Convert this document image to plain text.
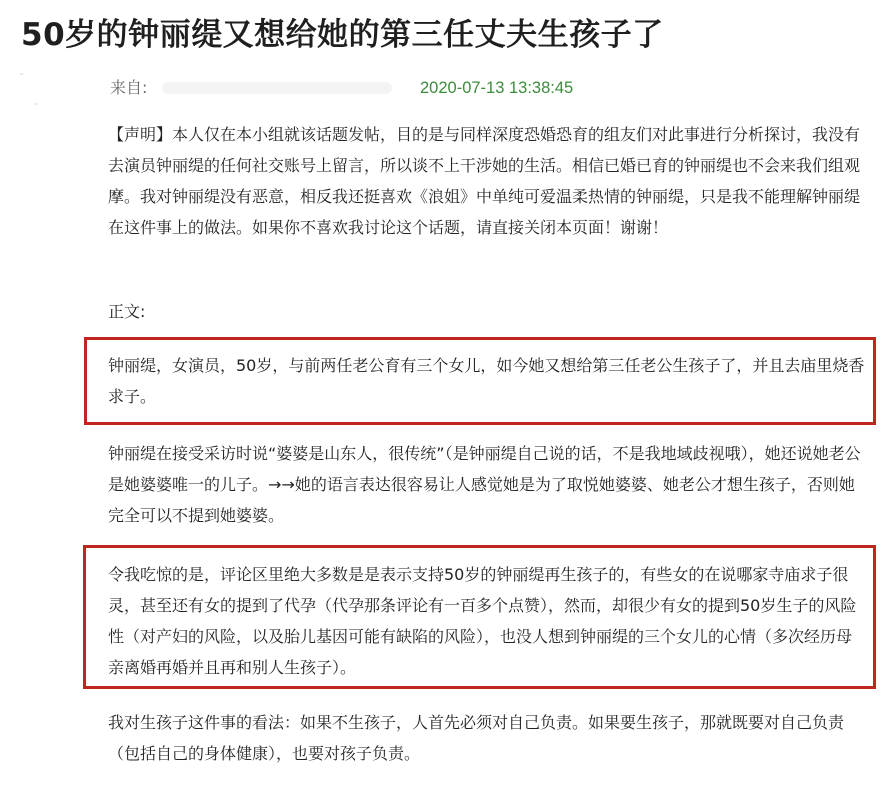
50岁的钟丽缇又想给她的第三任丈夫生孩子了
来自:	2020-07-13 13:38:45

【声明】本人仅在本小组就该话题发帖，目的是与同样深度恐婚恐育的组友们对此事进行分析探讨，我没有去演员钟丽缇的任何社交账号上留言，所以谈不上干涉她的生活。相信已婚已育的钟丽缇也不会来我们组观摩。我对钟丽缇没有恶意，相反我还挺喜欢《浪姐》中单纯可爱温柔热情的钟丽缇，只是我不能理解钟丽缇在这件事上的做法。如果你不喜欢我讨论这个话题，请直接关闭本页面！谢谢！

正文:

钟丽缇，女演员，50岁，与前两任老公育有三个女儿，如今她又想给第三任老公生孩子了，并且去庙里烧香求子。

钟丽缇在接受采访时说“婆婆是山东人，很传统”（是钟丽缇自己说的话，不是我地域歧视哦），她还说她老公是她婆婆唯一的儿子。→→她的语言表达很容易让人感觉她是为了取悦她婆婆、她老公才想生孩子，否则她完全可以不提到她婆婆。

令我吃惊的是，评论区里绝大多数是是表示支持50岁的钟丽缇再生孩子的，有些女的在说哪家寺庙求子很灵，甚至还有女的提到了代孕（代孕那条评论有一百多个点赞），然而，却很少有女的提到50岁生子的风险性（对产妇的风险，以及胎儿基因可能有缺陷的风险），也没人想到钟丽缇的三个女儿的心情（多次经历母亲离婚再婚并且再和别人生孩子）。

我对生孩子这件事的看法：如果不生孩子，人首先必须对自己负责。如果要生孩子，那就既要对自己负责（包括自己的身体健康），也要对孩子负责。
